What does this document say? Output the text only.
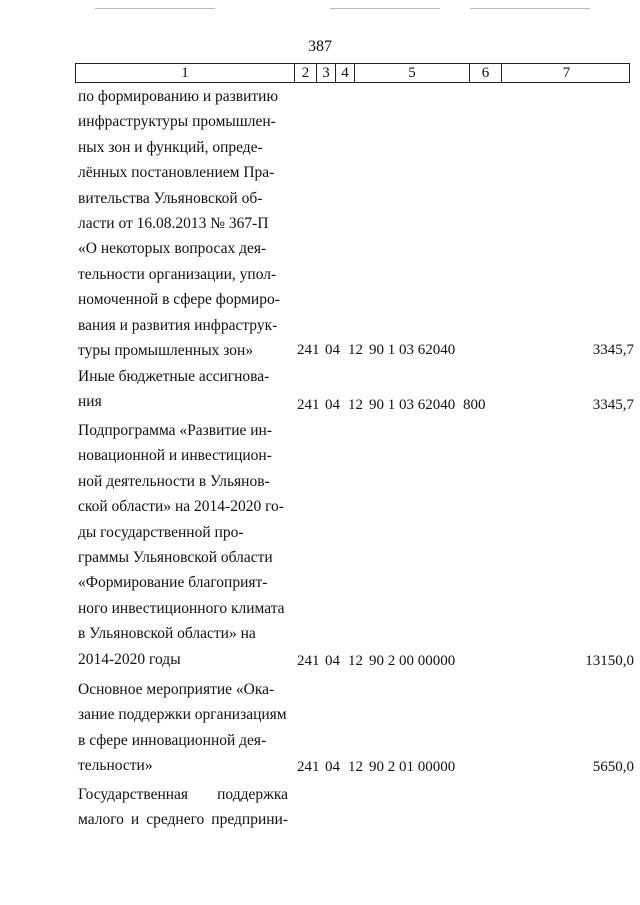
387
1	2 3 4	5	6	7
по формированию и развитию
инфраструктуры промышлен-
ных зон и функций, опреде-
лённых постановлением Пра-
вительства Ульяновской об-
ласти от 16.08.2013 № 367-П
«О некоторых вопросах дея-
тельности организации, упол-
номоченной в сфере формиро-
вания и развития инфраструк-
туры промышленных зон»	241 04 12 90 1 03 62040	3345,7
Иные бюджетные ассигнова-
ния	241 04 12 90 1 03 62040 800	3345,7
Подпрограмма «Развитие ин-
новационной и инвестицион-
ной деятельности в Ульянов-
ской области» на 2014-2020 го-
ды государственной про-
граммы Ульяновской области
«Формирование благоприят-
ного инвестиционного климата
в Ульяновской области» на
2014-2020 годы	241 04 12 90 2 00 00000	13150,0
Основное мероприятие «Ока-
зание поддержки организациям
в сфере инновационной дея-
тельности»	241 04 12 90 2 01 00000	5650,0
Государственная поддержка
малого и среднего предприни-
